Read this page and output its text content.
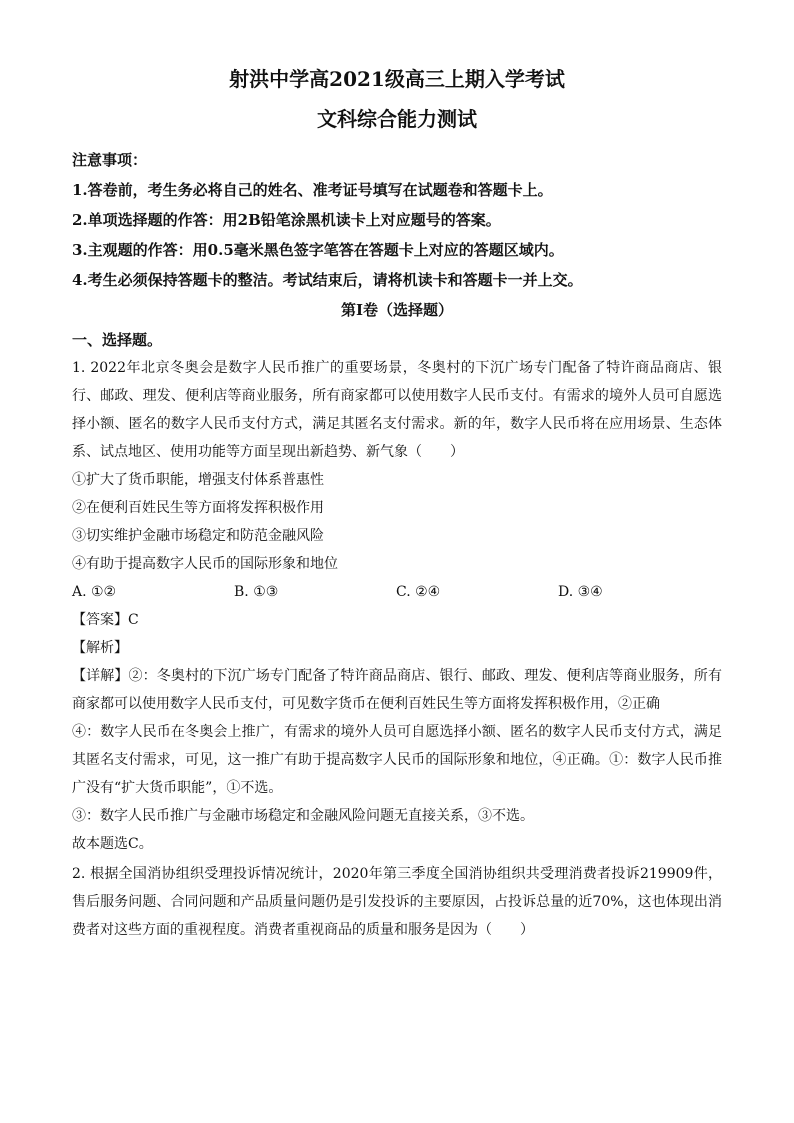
射洪中学高2021级高三上期入学考试
文科综合能力测试
注意事项：
1.答卷前，考生务必将自己的姓名、准考证号填写在试题卷和答题卡上。
2.单项选择题的作答：用2B铅笔涂黑机读卡上对应题号的答案。
3.主观题的作答：用0.5毫米黑色签字笔答在答题卡上对应的答题区域内。
4.考生必须保持答题卡的整洁。考试结束后，请将机读卡和答题卡一并上交。
第Ⅰ卷（选择题）
一、选择题。

1. 2022年北京冬奥会是数字人民币推广的重要场景，冬奥村的下沉广场专门配备了特许商品商店、银行、邮政、理发、便利店等商业服务，所有商家都可以使用数字人民币支付。有需求的境外人员可自愿选择小额、匿名的数字人民币支付方式，满足其匿名支付需求。新的年，数字人民币将在应用场景、生态体系、试点地区、使用功能等方面呈现出新趋势、新气象（　　）

①扩大了货币职能，增强支付体系普惠性

②在便利百姓民生等方面将发挥积极作用

③切实维护金融市场稳定和防范金融风险

④有助于提高数字人民币的国际形象和地位

A. ①②	B. ①③	C. ②④	D. ③④

【答案】C

【解析】

【详解】②：冬奥村的下沉广场专门配备了特许商品商店、银行、邮政、理发、便利店等商业服务，所有商家都可以使用数字人民币支付，可见数字货币在便利百姓民生等方面将发挥积极作用，②正确

④：数字人民币在冬奥会上推广，有需求的境外人员可自愿选择小额、匿名的数字人民币支付方式，满足其匿名支付需求，可见，这一推广有助于提高数字人民币的国际形象和地位，④正确。①：数字人民币推广没有“扩大货币职能”，①不选。

③：数字人民币推广与金融市场稳定和金融风险问题无直接关系，③不选。

故本题选C。

2. 根据全国消协组织受理投诉情况统计，2020年第三季度全国消协组织共受理消费者投诉219909件，售后服务问题、合同问题和产品质量问题仍是引发投诉的主要原因，占投诉总量的近70%，这也体现出消费者对这些方面的重视程度。消费者重视商品的质量和服务是因为（　　）
